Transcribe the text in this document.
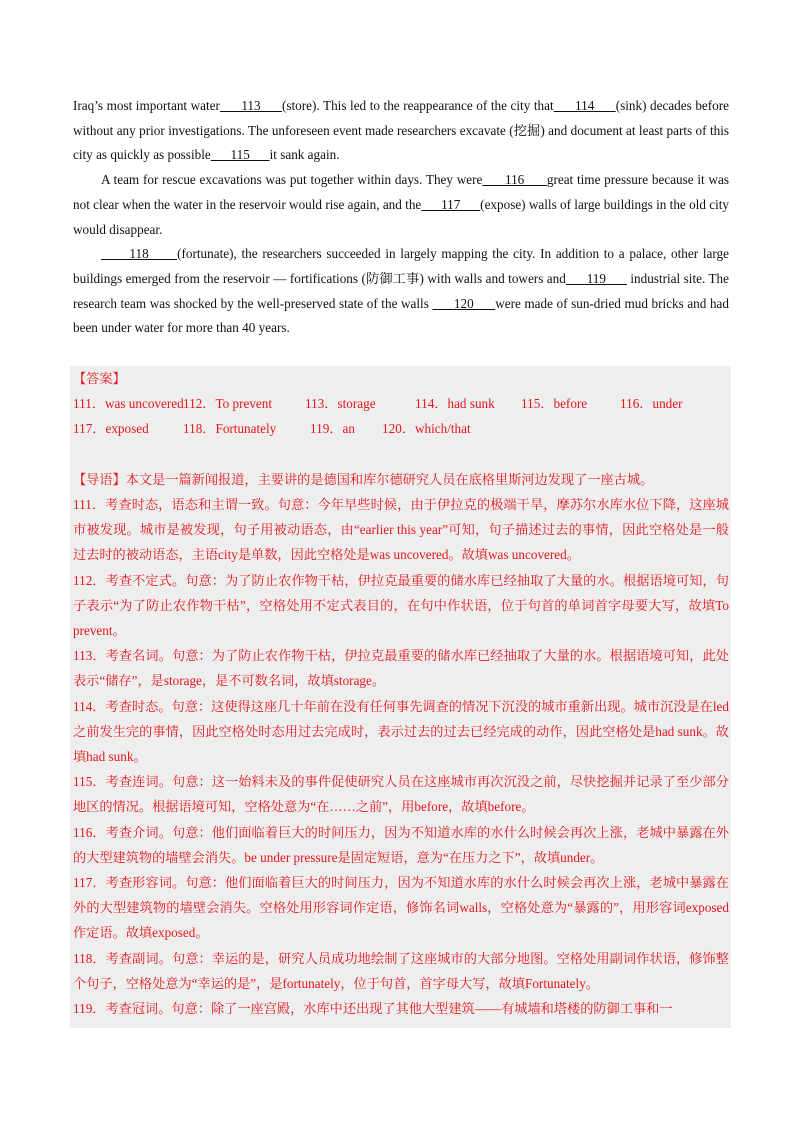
Iraq’s most important water      113      (store). This led to the reappearance of the city that      114      (sink) decades before without any prior investigations. The unforeseen event made researchers excavate (挖掘) and document at least parts of this city as quickly as possible      115      it sank again.

A team for rescue excavations was put together within days. They were      116      great time pressure because it was not clear when the water in the reservoir would rise again, and the      117      (expose) walls of large buildings in the old city would disappear.

118      (fortunate), the researchers succeeded in largely mapping the city. In addition to a palace, other large buildings emerged from the reservoir — fortifications (防御工事) with walls and towers and      119       industrial site. The research team was shocked by the well-preserved state of the walls       120      were made of sun-dried mud bricks and had been under water for more than 40 years.

【答案】
111．was uncovered112．To prevent 113．storage	114．had sunk 115．before 116．under
117．exposed	118．Fortunately	119．an 120．which/that

【导语】本文是一篇新闻报道，主要讲的是德国和库尔德研究人员在底格里斯河边发现了一座古城。

111．考查时态，语态和主谓一致。句意：今年早些时候，由于伊拉克的极端干旱，摩苏尔水库水位下降，这座城市被发现。城市是被发现，句子用被动语态，由“earlier this year”可知，句子描述过去的事情，因此空格处是一般过去时的被动语态，主语city是单数，因此空格处是was uncovered。故填was uncovered。

112．考查不定式。句意：为了防止农作物干枯，伊拉克最重要的储水库已经抽取了大量的水。根据语境可知，句子表示“为了防止农作物干枯”，空格处用不定式表目的，在句中作状语，位于句首的单词首字母要大写，故填To prevent。

113．考查名词。句意：为了防止农作物干枯，伊拉克最重要的储水库已经抽取了大量的水。根据语境可知，此处表示“储存”，是storage，是不可数名词，故填storage。

114．考查时态。句意：这使得这座几十年前在没有任何事先调查的情况下沉没的城市重新出现。城市沉没是在led之前发生完的事情，因此空格处时态用过去完成时，表示过去的过去已经完成的动作，因此空格处是had sunk。故填had sunk。

115．考查连词。句意：这一始料未及的事件促使研究人员在这座城市再次沉没之前，尽快挖掘并记录了至少部分地区的情况。根据语境可知，空格处意为“在……之前”，用before，故填before。

116．考查介词。句意：他们面临着巨大的时间压力，因为不知道水库的水什么时候会再次上涨，老城中暴露在外的大型建筑物的墙壁会消失。be under pressure是固定短语，意为“在压力之下”，故填under。

117．考查形容词。句意：他们面临着巨大的时间压力，因为不知道水库的水什么时候会再次上涨，老城中暴露在外的大型建筑物的墙壁会消失。空格处用形容词作定语，修饰名词walls，空格处意为“暴露的”，用形容词exposed作定语。故填exposed。

118．考查副词。句意：幸运的是，研究人员成功地绘制了这座城市的大部分地图。空格处用副词作状语，修饰整个句子，空格处意为“幸运的是”，是fortunately，位于句首，首字母大写，故填Fortunately。

119．考查冠词。句意：除了一座宫殿，水库中还出现了其他大型建筑——有城墙和塔楼的防御工事和一
